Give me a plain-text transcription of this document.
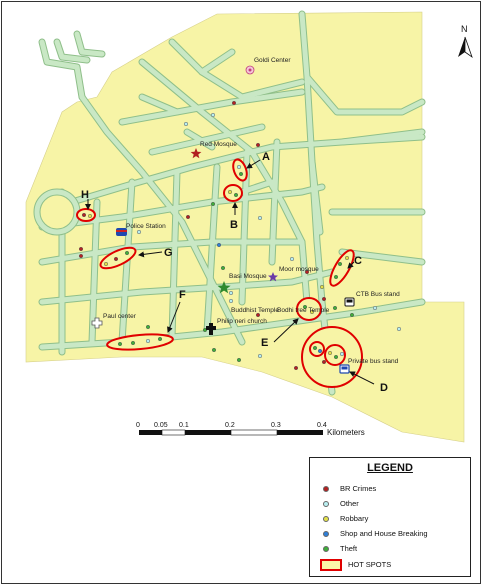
Goldi Center
Red Mosque
Police Station
Basi Mosque
Moor mosque
CTB Bus stand
Buddhist Temple
Bodhi tree Temple
Philip neri church
Paul center
Private bus stand
A
B
C
D
E
F
G
H
N
0 0.05 0.1	0.2	0.3	0.4
Kilometers
LEGEND
BR Crimes
Other
Robbary
Shop and House Breaking
Theft
HOT SPOTS
